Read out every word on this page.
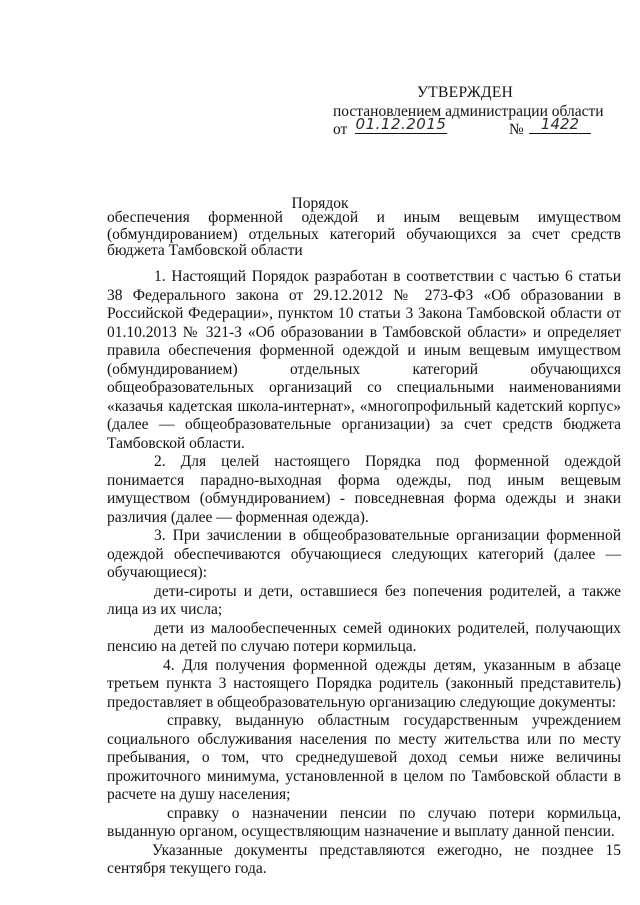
УТВЕРЖДЕН
постановлением администрации области
от 01.12.2015	№	1422
Порядок
обеспечения форменной одеждой и иным вещевым имуществом
(обмундированием) отдельных категорий обучающихся за счет средств
бюджета Тамбовской области

1. Настоящий Порядок разработан в соответствии с частью 6 статьи 38 Федерального закона от 29.12.2012 № 273-ФЗ «Об образовании в Российской Федерации», пунктом 10 статьи 3 Закона Тамбовской области от 01.10.2013 № 321-З «Об образовании в Тамбовской области» и определяет правила обеспечения форменной одеждой и иным вещевым имуществом (обмундированием) отдельных категорий обучающихся общеобразовательных организаций со специальными наименованиями «казачья кадетская школа-интернат», «многопрофильный кадетский корпус» (далее — общеобразовательные организации) за счет средств бюджета Тамбовской области.

2. Для целей настоящего Порядка под форменной одеждой понимается парадно-выходная форма одежды, под иным вещевым имуществом (обмундированием) - повседневная форма одежды и знаки различия (далее — форменная одежда).

3. При зачислении в общеобразовательные организации форменной одеждой обеспечиваются обучающиеся следующих категорий (далее — обучающиеся):

дети-сироты и дети, оставшиеся без попечения родителей, а также лица из их числа;

дети из малообеспеченных семей одиноких родителей, получающих пенсию на детей по случаю потери кормильца.

4. Для получения форменной одежды детям, указанным в абзаце третьем пункта 3 настоящего Порядка родитель (законный представитель) предоставляет в общеобразовательную организацию следующие документы:

справку, выданную областным государственным учреждением социального обслуживания населения по месту жительства или по месту пребывания, о том, что среднедушевой доход семьи ниже величины прожиточного минимума, установленной в целом по Тамбовской области в расчете на душу населения;

справку о назначении пенсии по случаю потери кормильца, выданную органом, осуществляющим назначение и выплату данной пенсии.

Указанные документы представляются ежегодно, не позднее 15 сентября текущего года.
